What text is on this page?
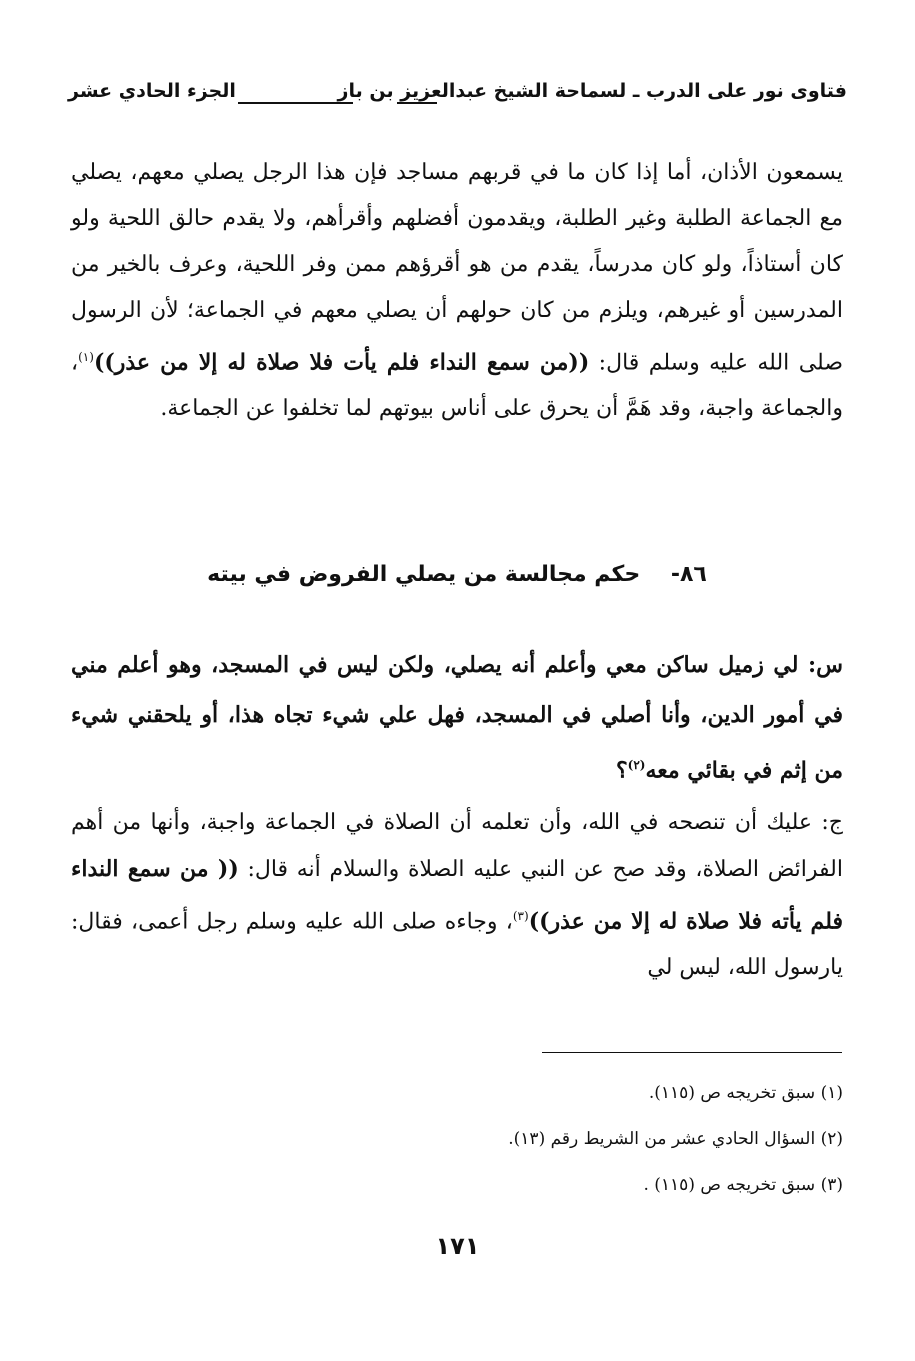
فتاوى نور على الدرب ـ لسماحة الشيخ عبدالعزيز بن باز
الجزء الحادي عشر
يسمعون الأذان، أما إذا كان ما في قربهم مساجد فإن هذا الرجل يصلي معهم، يصلي مع الجماعة الطلبة وغير الطلبة، ويقدمون أفضلهم وأقرأهم، ولا يقدم حالق اللحية ولو كان أستاذاً، ولو كان مدرساً، يقدم من هو أقرؤهم ممن وفر اللحية، وعرف بالخير من المدرسين أو غيرهم، ويلزم من كان حولهم أن يصلي معهم في الجماعة؛ لأن الرسول صلى الله عليه وسلم قال: ((من سمع النداء فلم يأت فلا صلاة له إلا من عذر))$^{(١)}$، والجماعة واجبة، وقد هَمَّ أن يحرق على أناس بيوتهم لما تخلفوا عن الجماعة.
٨٦-    حكم مجالسة من يصلي الفروض في بيته
س: لي زميل ساكن معي وأعلم أنه يصلي، ولكن ليس في المسجد، وهو أعلم مني في أمور الدين، وأنا أصلي في المسجد، فهل علي شيء تجاه هذا، أو يلحقني شيء من إثم في بقائي معه$^{(٢)}$؟
ج: عليك أن تنصحه في الله، وأن تعلمه أن الصلاة في الجماعة واجبة، وأنها من أهم الفرائض الصلاة، وقد صح عن النبي عليه الصلاة والسلام أنه قال: (( من سمع النداء فلم يأته فلا صلاة له إلا من عذر))$^{(٣)}$، وجاءه صلى الله عليه وسلم رجل أعمى، فقال: يارسول الله، ليس لي
(١) سبق تخريجه ص (١١٥).
(٢) السؤال الحادي عشر من الشريط رقم (١٣).
(٣) سبق تخريجه ص (١١٥) .
١٧١
